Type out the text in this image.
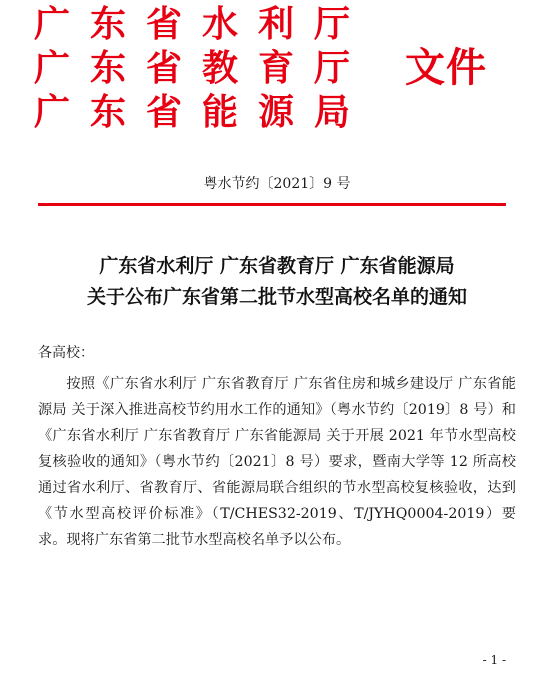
广东省水利厅
广东省教育厅
广东省能源局
文件
粤水节约〔2021〕9 号
广东省水利厅 广东省教育厅 广东省能源局
关于公布广东省第二批节水型高校名单的通知
各高校：
按照《广东省水利厅 广东省教育厅 广东省住房和城乡建设厅 广东省能源局 关于深入推进高校节约用水工作的通知》（粤水节约〔2019〕8 号）和《广东省水利厅 广东省教育厅 广东省能源局 关于开展 2021 年节水型高校复核验收的通知》（粤水节约〔2021〕8 号）要求，暨南大学等 12 所高校通过省水利厅、省教育厅、省能源局联合组织的节水型高校复核验收，达到《节水型高校评价标准》（T/CHES32-2019、T/JYHQ0004-2019）要求。现将广东省第二批节水型高校名单予以公布。
- 1 -
